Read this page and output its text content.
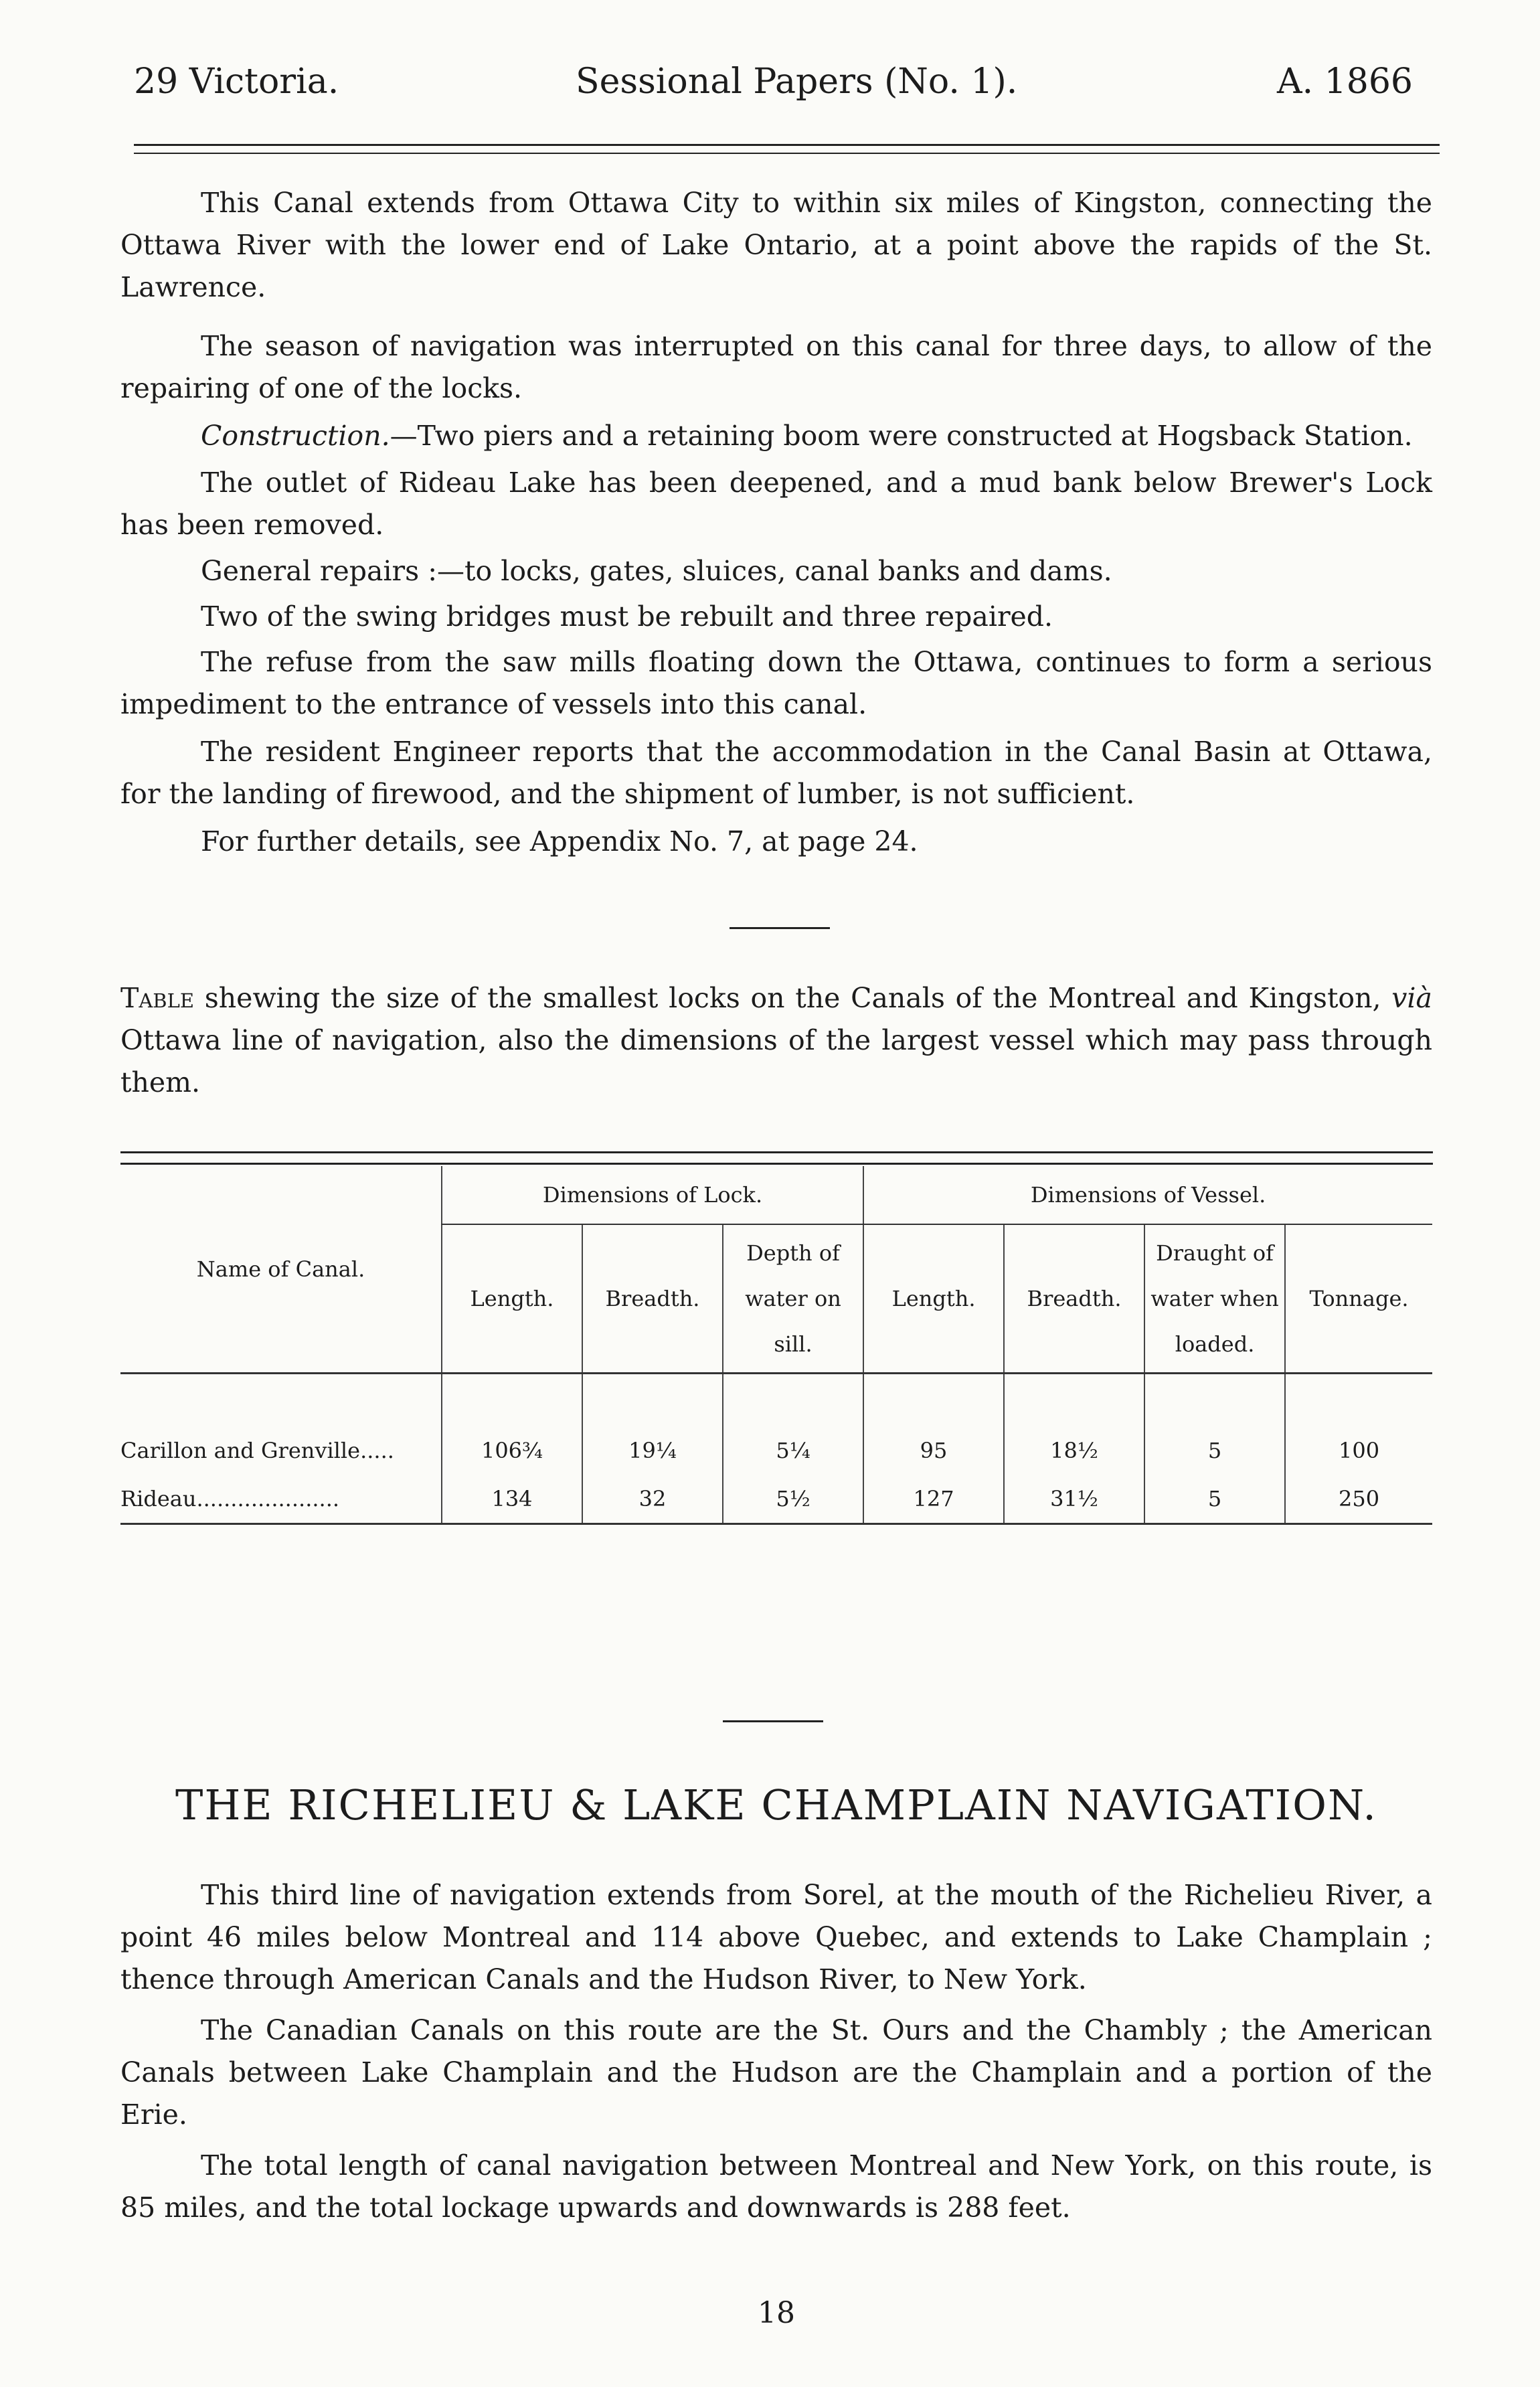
29 Victoria.	Sessional Papers (No. 1).	A. 1866

This Canal extends from Ottawa City to within six miles of Kingston, connecting the Ottawa River with the lower end of Lake Ontario, at a point above the rapids of the St. Lawrence.

The season of navigation was interrupted on this canal for three days, to allow of the repairing of one of the locks.

Construction.—Two piers and a retaining boom were constructed at Hogsback Station.

The outlet of Rideau Lake has been deepened, and a mud bank below Brewer's Lock has been removed.

General repairs :—to locks, gates, sluices, canal banks and dams.

Two of the swing bridges must be rebuilt and three repaired.

The refuse from the saw mills floating down the Ottawa, continues to form a serious impediment to the entrance of vessels into this canal.

The resident Engineer reports that the accommodation in the Canal Basin at Ottawa, for the landing of firewood, and the shipment of lumber, is not sufficient.

For further details, see Appendix No. 7, at page 24.

Table shewing the size of the smallest locks on the Canals of the Montreal and Kingston, vià Ottawa line of navigation, also the dimensions of the largest vessel which may pass through them.

Name of Canal.	Dimensions of Lock.			Dimensions of Vessel.			
	Length.	Breadth.	Depth of water on sill.	Length.	Breadth.	Draught of water when loaded.	Tonnage.

Carillon and Grenville.....	106¾	19¼	5¼	95	18½	5	100
Rideau.....................	134	32	5½	127	31½	5	250
THE RICHELIEU & LAKE CHAMPLAIN NAVIGATION.

This third line of navigation extends from Sorel, at the mouth of the Richelieu River, a point 46 miles below Montreal and 114 above Quebec, and extends to Lake Champlain ; thence through American Canals and the Hudson River, to New York.

The Canadian Canals on this route are the St. Ours and the Chambly ; the American Canals between Lake Champlain and the Hudson are the Champlain and a portion of the Erie.

The total length of canal navigation between Montreal and New York, on this route, is 85 miles, and the total lockage upwards and downwards is 288 feet.

18
